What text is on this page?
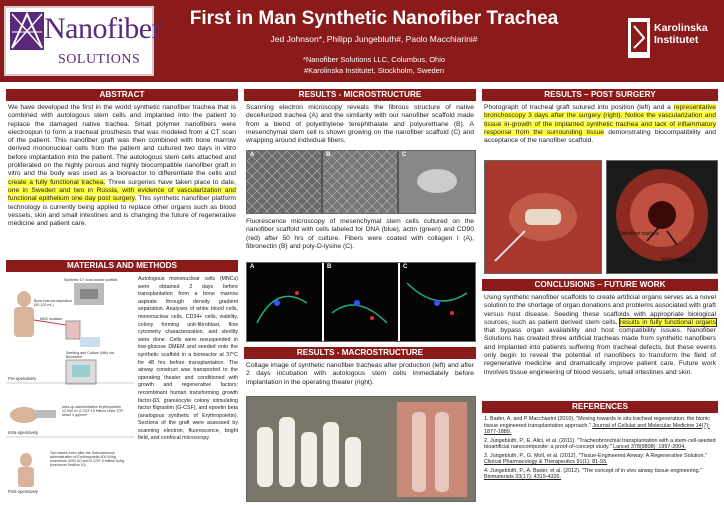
Nanofiber
SOLUTIONS
First in Man Synthetic Nanofiber Trachea
Jed Johnson*, Philipp Jungebluth#, Paolo Macchiarini#
*Nanofiber Solutions LLC, Columbus, Ohio
#Karolinska Institutet, Stockholm, Sweden
Karolinska
Institutet
ABSTRACT
We have developed the first in the world synthetic nanofiber trachea that is combined with autologous stem cells and implanted into the patient to replace the damaged native trachea. Small polymer nanofibers were electrospun to form a tracheal prosthesis that was modeled from a CT scan of the patient. This nanofiber graft was then combined with bone marrow derived mononuclear cells from the patient and cultured two days in vitro before implantation into the patient. The autologous stem cells attached and proliferated on the highly porous and highly biocompatible nanofiber graft in vitro and the body was used as a bioreactor to differentiate the cells and create a fully functional trachea. Three surgeries have taken place to date, one in Sweden and two in Russia, with evidence of vascularization and functional epithelium one day post surgery. This synthetic nanofiber platform technology is currently being applied to replace other organs such as blood vessels, skin and small intestines and is changing the future of regenerative medicine and patient care.
MATERIALS AND METHODS
Synthetic CT scan-based scaffold
Bone marrow aspiration (50-120 mL)
MNC isolation
Seeding and Culture (48h) via Bioreactor
Pre-operatively
Intra-op administration Erythropoietin 12,000 IU G-CSF 10 Million Units TGF-beta3 4 µg/mm²
Intra-operatively
Two weeks even after the Subcutaneous administration of Erythropoietin 600 IU/kg (maximum 4000 IU) and G-CSF 5 million IU/kg (maximum 5million IU)
Post-operatively
Autologous mononuclear cells (MNCs) were obtained 2 days before transplantation from a bone marrow aspirate through density gradient separation. Analyses of white blood cells, mononuclear cells, CD34+ cells, viability, colony forming unit-fibroblast, flow cytometry characterization, and sterility were done. Cells were resuspended in low-glucose DMEM and seeded onto the synthetic scaffold in a bioreactor at 37°C for 48 hrs before transplantation. The airway construct was transported to the operating theater and conditioned with growth and regenerative factors; recombinant human transforming growth factor-β3, granulocyte colony stimulating factor filgrastim (G-CSF), and epoetin beta (analogous synthetic of Erythropoietin). Sections of the graft were assessed by scanning electron, fluorescence, bright field, and confocal microscopy.
RESULTS - MICROSTRUCTURE
Scanning electron microscopy reveals the fibrous structure of native decellurized trachea (A) and the similarity with our nanofiber scaffold made from a blend of polyethylene terephthalate and polyurethane (B). A mesenchymal stem cell is shown growing on the nanofiber scaffold (C) and wrapping around individual fibers.
A	B	C
Fluorescence microscopy of mesenchymal stem cells cultured on the nanofiber scaffold with cells labeled for DNA (blue), actin (green) and CD90 (red) after 50 hrs of culture. Fibers were coated with collagen I (A), fibronectin (B) and poly-D-lysine (C).
A	B	C
RESULTS - MACROSTRUCTURE
Collage image of synthetic nanofiber tracheas after production (left) and after 2 days incubation with autologous stem cells immediately before implantation in the operating theater (right).
RESULTS – POST SURGERY
Photograph of tracheal graft sutured into position (left) and a representative bronchoscopy 3 days after the surgery (right). Notice the vascularization and tissue in-growth of the implanted synthetic trachea and lack of inflammatory response from the surrounding tissue demonstrating biocompatibility and acceptance of the nanofiber scaffold.
Nanofiber trachea
Native trachea
CONCLUSIONS – FUTURE WORK
Using synthetic nanofiber scaffolds to create artificial organs serves as a novel solution to the shortage of organ donations and problems associated with graft versus host disease. Seeding these scaffolds with appropriate biological sources, such as patient derived stem cells, results in fully functional organs that bypass organ availability and host compatibility issues. Nanofiber Solutions has created three artificial tracheas made from synthetic nanofibers and implanted into patients suffering from tracheal defects, but these events only begin to reveal the potential of nanofibers to transform the field of regenerative medicine and dramatically improve patient care. Future work involves tissue engineering of blood vessels, small intestines and skin.
REFERENCES
1. Bader, A. and P Macchiarini (2010). "Moving towards in situ tracheal regeneration: the bionic tissue engineered transplantation approach." Journal of Cellular and Molecular Medicine 14(7): 1877-1889.
2. Jungebluth, P., E. Alici, et al. (2011). "Tracheobronchial transplantation with a stem-cell-seeded bioartificial nanocomposite: a proof-of-concept study." Lancet 378(9808): 1997-2004.
3. Jungebluth, P., G. Moll, et al. (2012). "Tissue-Engineered Airway: A Regenerative Solution." Clinical Pharmacology & Therapeutics 91(1): 81-93.
4. Jungebluth, P., A. Bader, et al. (2012). "The concept of in vivo airway tissue engineering." Biomaterials 33(17): 4319-4326.
